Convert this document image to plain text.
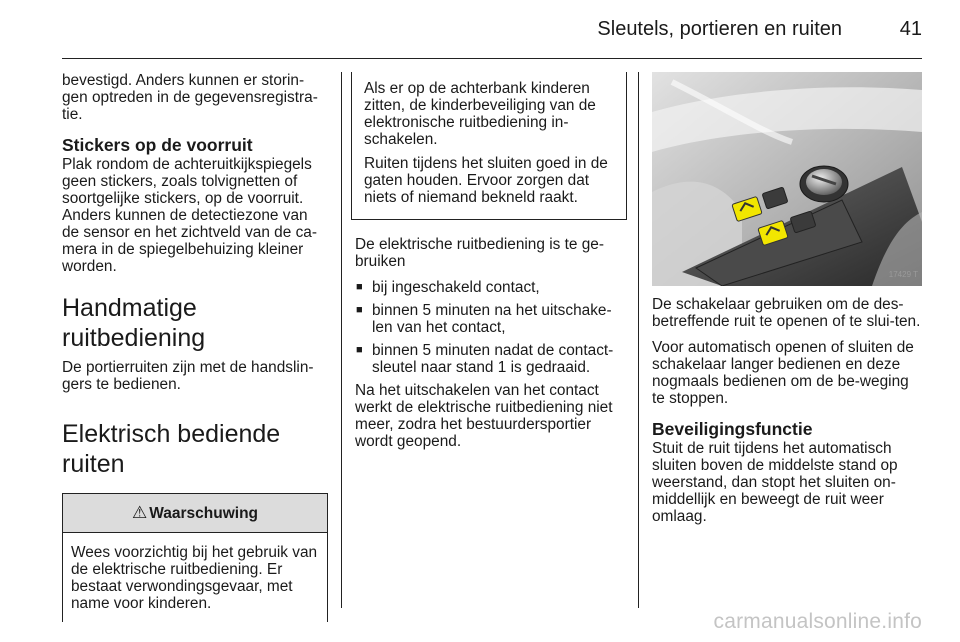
Sleutels, portieren en ruiten	41

bevestigd. Anders kunnen er storin-gen optreden in de gegevensregistra-tie.

Stickers op de voorruit

Plak rondom de achteruitkijkspiegels geen stickers, zoals tolvignetten of soortgelijke stickers, op de voorruit. Anders kunnen de detectiezone van de sensor en het zichtveld van de ca-mera in de spiegelbehuizing kleiner worden.

Handmatige ruitbediening

De portierruiten zijn met de handslin-gers te bedienen.

Elektrisch bediende ruiten
⚠ Waarschuwing
Wees voorzichtig bij het gebruik van de elektrische ruitbediening. Er bestaat verwondingsgevaar, met name voor kinderen.

Als er op de achterbank kinderen zitten, de kinderbeveiliging van de elektronische ruitbediening in-schakelen.

Ruiten tijdens het sluiten goed in de gaten houden. Ervoor zorgen dat niets of niemand bekneld raakt.

De elektrische ruitbediening is te ge-bruiken

■ bij ingeschakeld contact,
■ binnen 5 minuten na het uitschake-len van het contact,
■ binnen 5 minuten nadat de contact-sleutel naar stand 1 is gedraaid.

Na het uitschakelen van het contact werkt de elektrische ruitbediening niet meer, zodra het bestuurdersportier wordt geopend.

17429 T

De schakelaar gebruiken om de des-betreffende ruit te openen of te slui-ten.

Voor automatisch openen of sluiten de schakelaar langer bedienen en deze nogmaals bedienen om de be-weging te stoppen.

Beveiligingsfunctie

Stuit de ruit tijdens het automatisch sluiten boven de middelste stand op weerstand, dan stopt het sluiten on-middellijk en beweegt de ruit weer omlaag.

carmanualsonline.info
